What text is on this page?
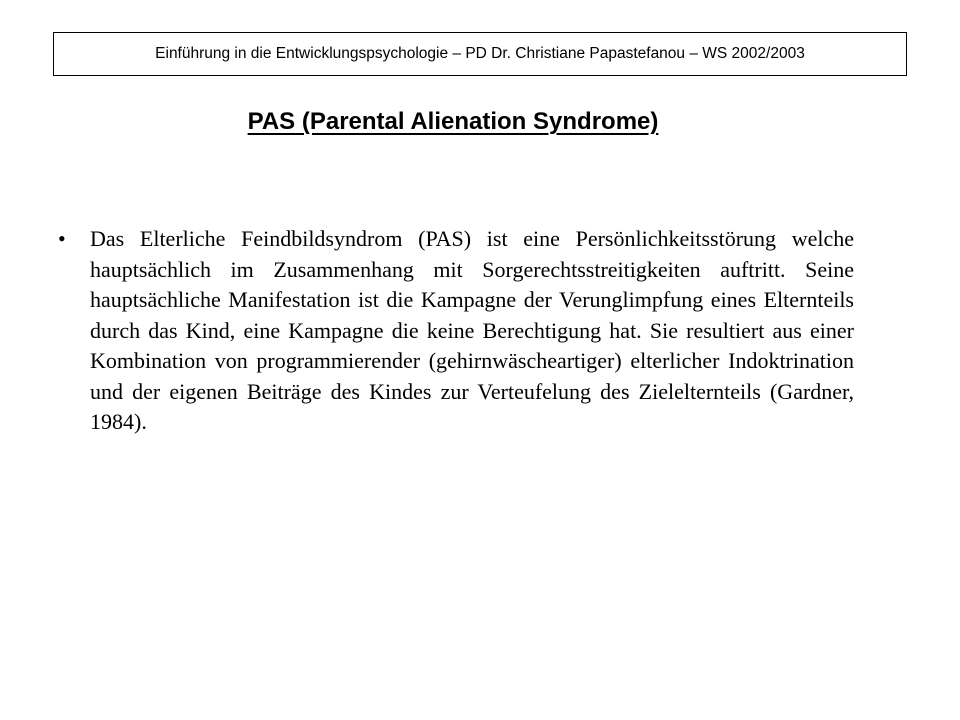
Einführung in die Entwicklungspsychologie – PD Dr. Christiane Papastefanou – WS 2002/2003
PAS (Parental Alienation Syndrome)
•	Das Elterliche Feindbildsyndrom (PAS) ist eine Persönlichkeitsstörung welche hauptsächlich im Zusammenhang mit Sorgerechtsstreitigkeiten auftritt. Seine hauptsächliche Manifestation ist die Kampagne der Verunglimpfung eines Elternteils durch das Kind, eine Kampagne die keine Berechtigung hat. Sie resultiert aus einer Kombination von programmierender (gehirnwäscheartiger) elterlicher Indoktrination und der eigenen Beiträge des Kindes zur Verteufelung des Zielelternteils (Gardner, 1984).
